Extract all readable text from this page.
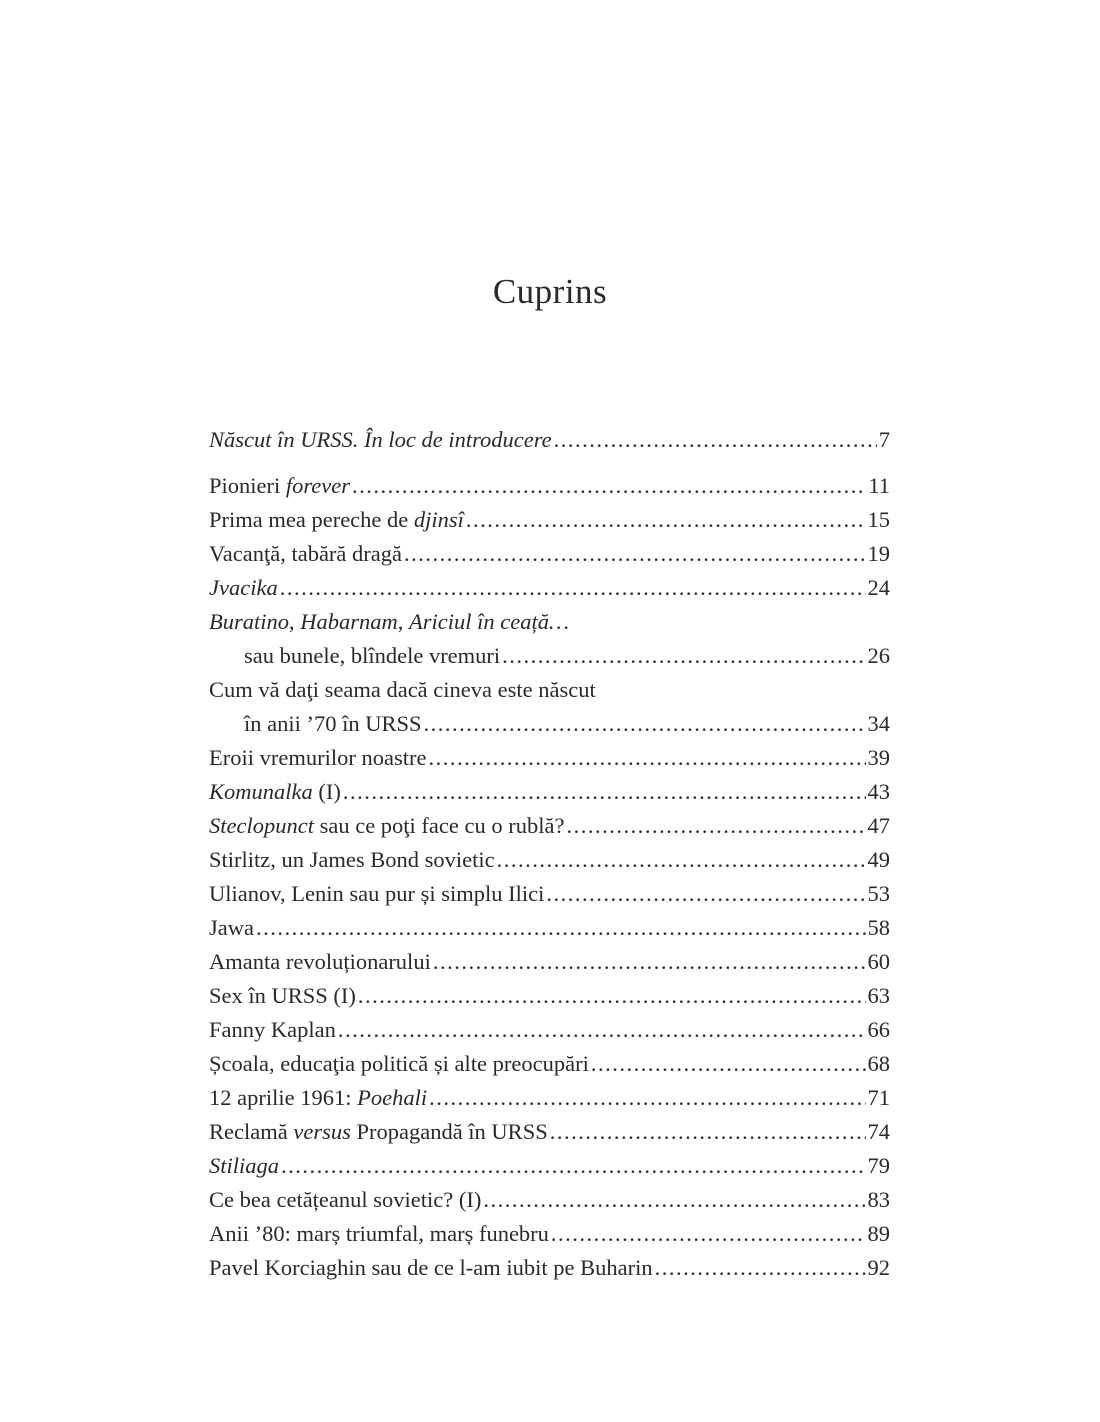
Cuprins
Născut în URSS. În loc de introducere .....	7
Pionieri forever .....	11
Prima mea pereche de djinsî .....	15
Vacanţă, tabără dragă .....	19
Jvacika .....	24
Buratino, Habarnam, Ariciul în ceață…
sau bunele, blîndele vremuri .....	26
Cum vă daţi seama dacă cineva este născut
în anii ’70 în URSS .....	34
Eroii vremurilor noastre .....	39
Komunalka (I) .....	43
Steclopunct sau ce poţi face cu o rublă? .....	47
Stirlitz, un James Bond sovietic .....	49
Ulianov, Lenin sau pur și simplu Ilici .....	53
Jawa .....	58
Amanta revoluționarului .....	60
Sex în URSS (I) .....	63
Fanny Kaplan .....	66
Școala, educaţia politică și alte preocupări .....	68
12 aprilie 1961: Poehali .....	71
Reclamă versus Propagandă în URSS .....	74
Stiliaga .....	79
Ce bea cetățeanul sovietic? (I) .....	83
Anii ’80: marș triumfal, marș funebru .....	89
Pavel Korciaghin sau de ce l-am iubit pe Buharin .....	92
